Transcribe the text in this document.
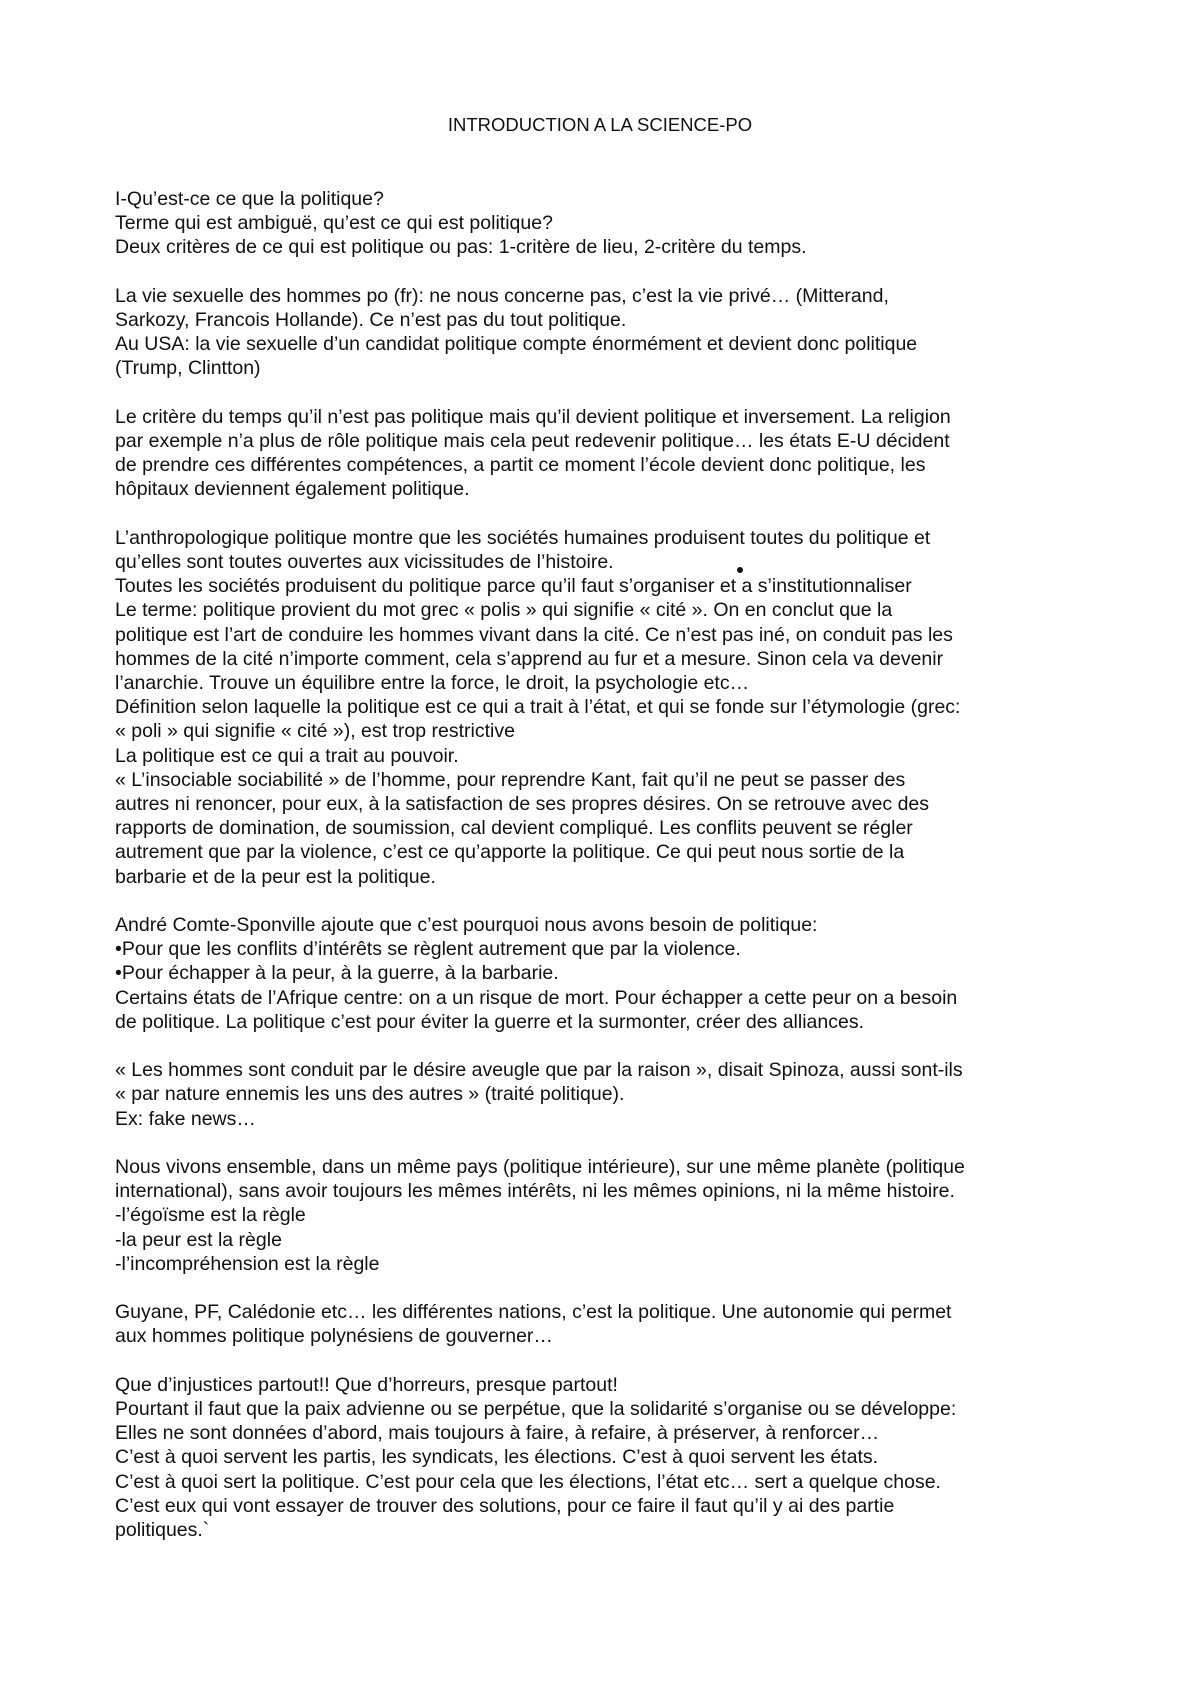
INTRODUCTION A LA SCIENCE-PO
I-Qu’est-ce ce que la politique?
Terme qui est ambiguë, qu’est ce qui est politique?
Deux critères de ce qui est politique ou pas: 1-critère de lieu, 2-critère du temps.
La vie sexuelle des hommes po (fr): ne nous concerne pas, c’est la vie privé… (Mitterand,
Sarkozy, Francois Hollande). Ce n’est pas du tout politique.
Au USA: la vie sexuelle d’un candidat politique compte énormément et devient donc politique
(Trump, Clintton)
Le critère du temps qu’il n’est pas politique mais qu’il devient politique et inversement. La religion
par exemple n’a plus de rôle politique mais cela peut redevenir politique… les états E-U décident
de prendre ces différentes compétences, a partit ce moment l’école devient donc politique, les
hôpitaux deviennent également politique.
L’anthropologique politique montre que les sociétés humaines produisent toutes du politique et
qu’elles sont toutes ouvertes aux vicissitudes de l’histoire.
Toutes les sociétés produisent du politique parce qu’il faut s’organiser et a s’institutionnaliser
Le terme: politique provient du mot grec « polis » qui signifie « cité ». On en conclut que la
politique est l’art de conduire les hommes vivant dans la cité. Ce n’est pas iné, on conduit pas les
hommes de la cité n’importe comment, cela s’apprend au fur et a mesure. Sinon cela va devenir
l’anarchie. Trouve un équilibre entre la force, le droit, la psychologie etc…
Définition selon laquelle la politique est ce qui a trait à l’état, et qui se fonde sur l’étymologie (grec:
« poli » qui signifie « cité »), est trop restrictive
La politique est ce qui a trait au pouvoir.
« L’insociable sociabilité » de l’homme, pour reprendre Kant, fait qu’il ne peut se passer des
autres ni renoncer, pour eux, à la satisfaction de ses propres désires. On se retrouve avec des
rapports de domination, de soumission, cal devient compliqué. Les conflits peuvent se régler
autrement que par la violence, c’est ce qu’apporte la politique. Ce qui peut nous sortie de la
barbarie et de la peur est la politique.
André Comte-Sponville ajoute que c’est pourquoi nous avons besoin de politique:
•Pour que les conflits d’intérêts se règlent autrement que par la violence.
•Pour échapper à la peur, à la guerre, à la barbarie.
Certains états de l’Afrique centre: on a un risque de mort. Pour échapper a cette peur on a besoin
de politique. La politique c’est pour éviter la guerre et la surmonter, créer des alliances.
« Les hommes sont conduit par le désire aveugle que par la raison », disait Spinoza, aussi sont-ils
« par nature ennemis les uns des autres » (traité politique).
Ex: fake news…
Nous vivons ensemble, dans un même pays (politique intérieure), sur une même planète (politique
international), sans avoir toujours les mêmes intérêts, ni les mêmes opinions, ni la même histoire.
-l’égoïsme est la règle
-la peur est la règle
-l’incompréhension est la règle
Guyane, PF, Calédonie etc… les différentes nations, c’est la politique. Une autonomie qui permet
aux hommes politique polynésiens de gouverner…
Que d’injustices partout!! Que d’horreurs, presque partout!
Pourtant il faut que la paix advienne ou se perpétue, que la solidarité s’organise ou se développe:
Elles ne sont données d’abord, mais toujours à faire, à refaire, à préserver, à renforcer…
C’est à quoi servent les partis, les syndicats, les élections. C’est à quoi servent les états.
C’est à quoi sert la politique. C’est pour cela que les élections, l’état etc… sert a quelque chose.
C’est eux qui vont essayer de trouver des solutions, pour ce faire il faut qu’il y ai des partie
politiques.`
